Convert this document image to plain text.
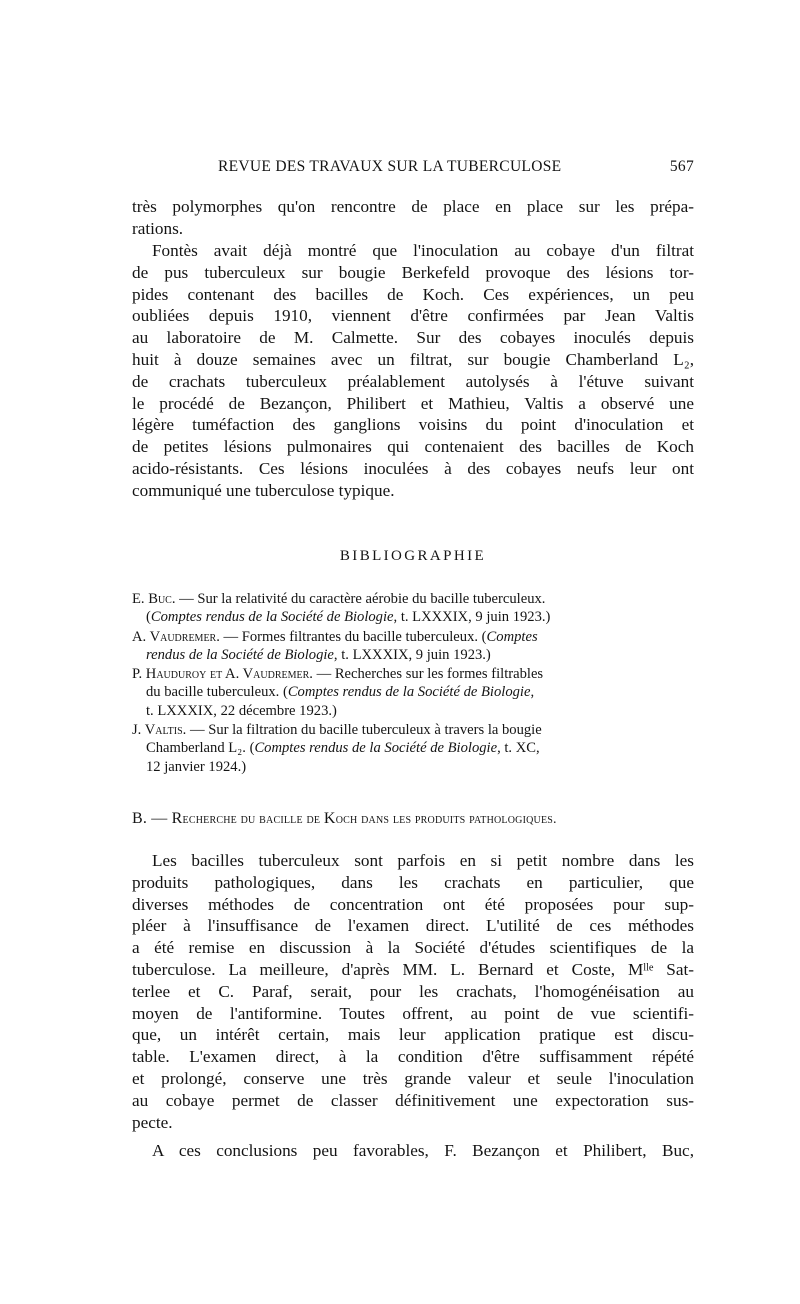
REVUE DES TRAVAUX SUR LA TUBERCULOSE	567
très polymorphes qu'on rencontre de place en place sur les prépa-
rations.
Fontès avait déjà montré que l'inoculation au cobaye d'un filtrat
de pus tuberculeux sur bougie Berkefeld provoque des lésions tor-
pides contenant des bacilles de Koch. Ces expériences, un peu
oubliées depuis 1910, viennent d'être confirmées par Jean Valtis
au laboratoire de M. Calmette. Sur des cobayes inoculés depuis
huit à douze semaines avec un filtrat, sur bougie Chamberland L₂,
de crachats tuberculeux préalablement autolysés à l'étuve suivant
le procédé de Bezançon, Philibert et Mathieu, Valtis a observé une
légère tuméfaction des ganglions voisins du point d'inoculation et
de petites lésions pulmonaires qui contenaient des bacilles de Koch
acido-résistants. Ces lésions inoculées à des cobayes neufs leur ont
communiqué une tuberculose typique.
BIBLIOGRAPHIE
E. Buc. — Sur la relativité du caractère aérobie du bacille tuberculeux.
(Comptes rendus de la Société de Biologie, t. LXXXIX, 9 juin 1923.)
A. Vaudremer. — Formes filtrantes du bacille tuberculeux. (Comptes
rendus de la Société de Biologie, t. LXXXIX, 9 juin 1923.)
P. Hauduroy et A. Vaudremer. — Recherches sur les formes filtrables
du bacille tuberculeux. (Comptes rendus de la Société de Biologie,
t. LXXXIX, 22 décembre 1923.)
J. Valtis. — Sur la filtration du bacille tuberculeux à travers la bougie
Chamberland L₂. (Comptes rendus de la Société de Biologie, t. XC,
12 janvier 1924.)
B. — Recherche du bacille de Koch dans les produits pathologiques.
Les bacilles tuberculeux sont parfois en si petit nombre dans les
produits pathologiques, dans les crachats en particulier, que
diverses méthodes de concentration ont été proposées pour sup-
pléer à l'insuffisance de l'examen direct. L'utilité de ces méthodes
a été remise en discussion à la Société d'études scientifiques de la
tuberculose. La meilleure, d'après MM. L. Bernard et Coste, Mˡˡᵉ Sat-
terlee et C. Paraf, serait, pour les crachats, l'homogénéisation au
moyen de l'antiformine. Toutes offrent, au point de vue scientifi-
que, un intérêt certain, mais leur application pratique est discu-
table. L'examen direct, à la condition d'être suffisamment répété
et prolongé, conserve une très grande valeur et seule l'inoculation
au cobaye permet de classer définitivement une expectoration sus-
pecte.
A ces conclusions peu favorables, F. Bezançon et Philibert, Buc,
